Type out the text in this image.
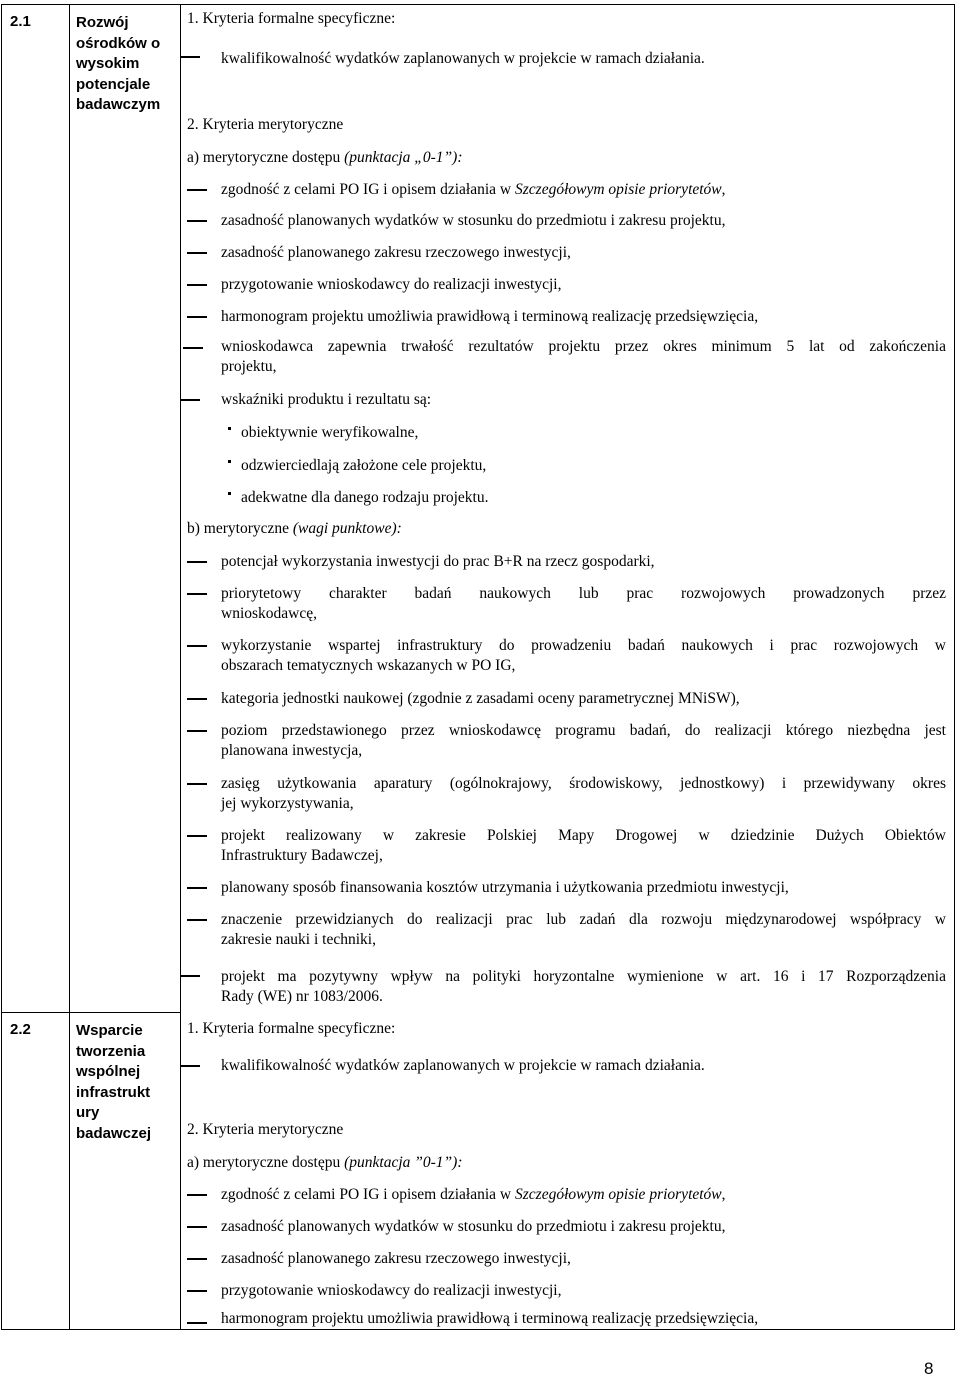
2.1	Rozwój
ośrodków o
wysokim
potencjale
badawczym
2.2	Wsparcie
tworzenia
wspólnej
infrastrukt
ury
badawczej
1. Kryteria formalne specyficzne:
kwalifikowalność wydatków zaplanowanych w projekcie w ramach działania.
2. Kryteria merytoryczne
a) merytoryczne dostępu (punktacja „0-1”):
zgodność z celami PO IG i opisem działania w Szczegółowym opisie priorytetów,
zasadność planowanych wydatków w stosunku do przedmiotu i zakresu projektu,
zasadność planowanego zakresu rzeczowego inwestycji,
przygotowanie wnioskodawcy do realizacji inwestycji,
harmonogram projektu umożliwia prawidłową i terminową realizację przedsięwzięcia,
wnioskodawca zapewnia trwałość rezultatów projektu przez okres minimum 5 lat od zakończenia
projektu,
wskaźniki produktu i rezultatu są:
obiektywnie weryfikowalne,
odzwierciedlają założone cele projektu,
adekwatne dla danego rodzaju projektu.
b) merytoryczne (wagi punktowe):
potencjał wykorzystania inwestycji do prac B+R na rzecz gospodarki,
priorytetowy charakter badań naukowych lub prac rozwojowych prowadzonych przez
wnioskodawcę,
wykorzystanie wspartej infrastruktury do prowadzeniu badań naukowych i prac rozwojowych w
obszarach tematycznych wskazanych w PO IG,
kategoria jednostki naukowej (zgodnie z zasadami oceny parametrycznej MNiSW),
poziom przedstawionego przez wnioskodawcę programu badań, do realizacji którego niezbędna jest
planowana inwestycja,
zasięg użytkowania aparatury (ogólnokrajowy, środowiskowy, jednostkowy) i przewidywany okres
jej wykorzystywania,
projekt realizowany w zakresie Polskiej Mapy Drogowej w dziedzinie Dużych Obiektów
Infrastruktury Badawczej,
planowany sposób finansowania kosztów utrzymania i użytkowania przedmiotu inwestycji,
znaczenie przewidzianych do realizacji prac lub zadań dla rozwoju międzynarodowej współpracy w
zakresie nauki i techniki,
projekt ma pozytywny wpływ na polityki horyzontalne wymienione w art. 16 i 17 Rozporządzenia
Rady (WE) nr 1083/2006.
1. Kryteria formalne specyficzne:
kwalifikowalność wydatków zaplanowanych w projekcie w ramach działania.
2. Kryteria merytoryczne
a) merytoryczne dostępu (punktacja ”0-1”):
zgodność z celami PO IG i opisem działania w Szczegółowym opisie priorytetów,
zasadność planowanych wydatków w stosunku do przedmiotu i zakresu projektu,
zasadność planowanego zakresu rzeczowego inwestycji,
przygotowanie wnioskodawcy do realizacji inwestycji,
harmonogram projektu umożliwia prawidłową i terminową realizację przedsięwzięcia,
8
